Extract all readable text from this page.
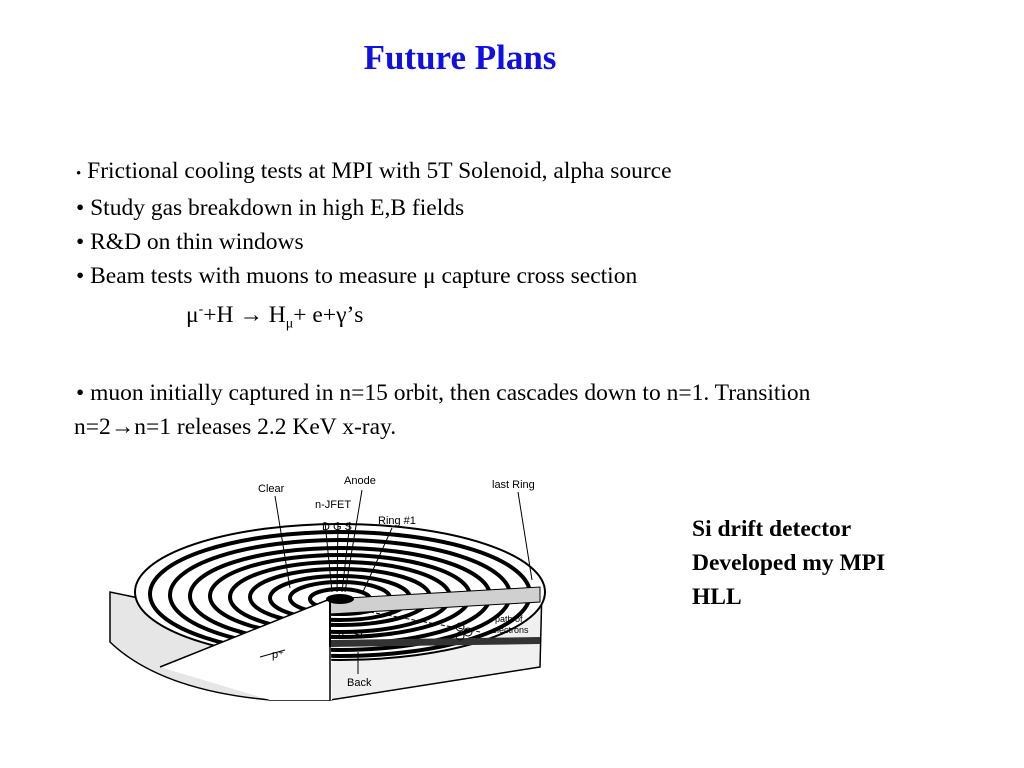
Future Plans
• Frictional cooling tests at MPI with 5T Solenoid, alpha source
• Study gas breakdown in high E,B fields
• R&D on thin windows
• Beam tests with muons to measure μ capture cross section
$\mu^-+H \to H_\mu+$ e+γ’s
• muon initially captured in n=15 orbit, then cascades down to n=1. Transition
n=2→n=1 releases 2.2 KeV x-ray.
Clear
Anode
n-JFET
D G S Ring #1
last Ring
n⁻ Si
path of
electrons
p⁺
Back
Si drift detector
Developed my MPI
HLL
